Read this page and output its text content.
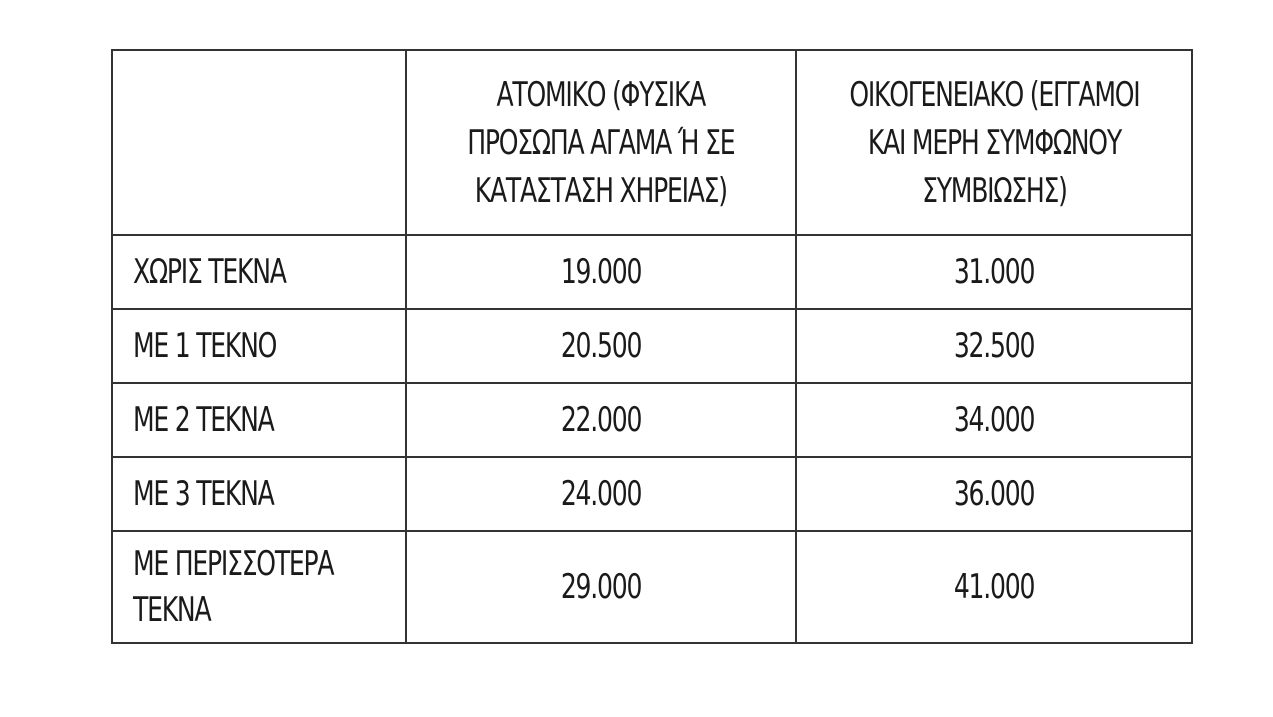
	ΑΤΟΜΙΚΟ (ΦΥΣΙΚΑ
ΠΡΟΣΩΠΑ ΑΓΑΜΑ Ή ΣΕ
ΚΑΤΑΣΤΑΣΗ ΧΗΡΕΙΑΣ)	ΟΙΚΟΓΕΝΕΙΑΚΟ (ΕΓΓΑΜΟΙ
ΚΑΙ ΜΕΡΗ ΣΥΜΦΩΝΟΥ
ΣΥΜΒΙΩΣΗΣ)
ΧΩΡΙΣ ΤΕΚΝΑ	19.000	31.000
ΜΕ 1 ΤΕΚΝΟ	20.500	32.500
ΜΕ 2 ΤΕΚΝΑ	22.000	34.000
ΜΕ 3 ΤΕΚΝΑ	24.000	36.000
ΜΕ ΠΕΡΙΣΣΟΤΕΡΑ
ΤΕΚΝΑ	29.000	41.000
